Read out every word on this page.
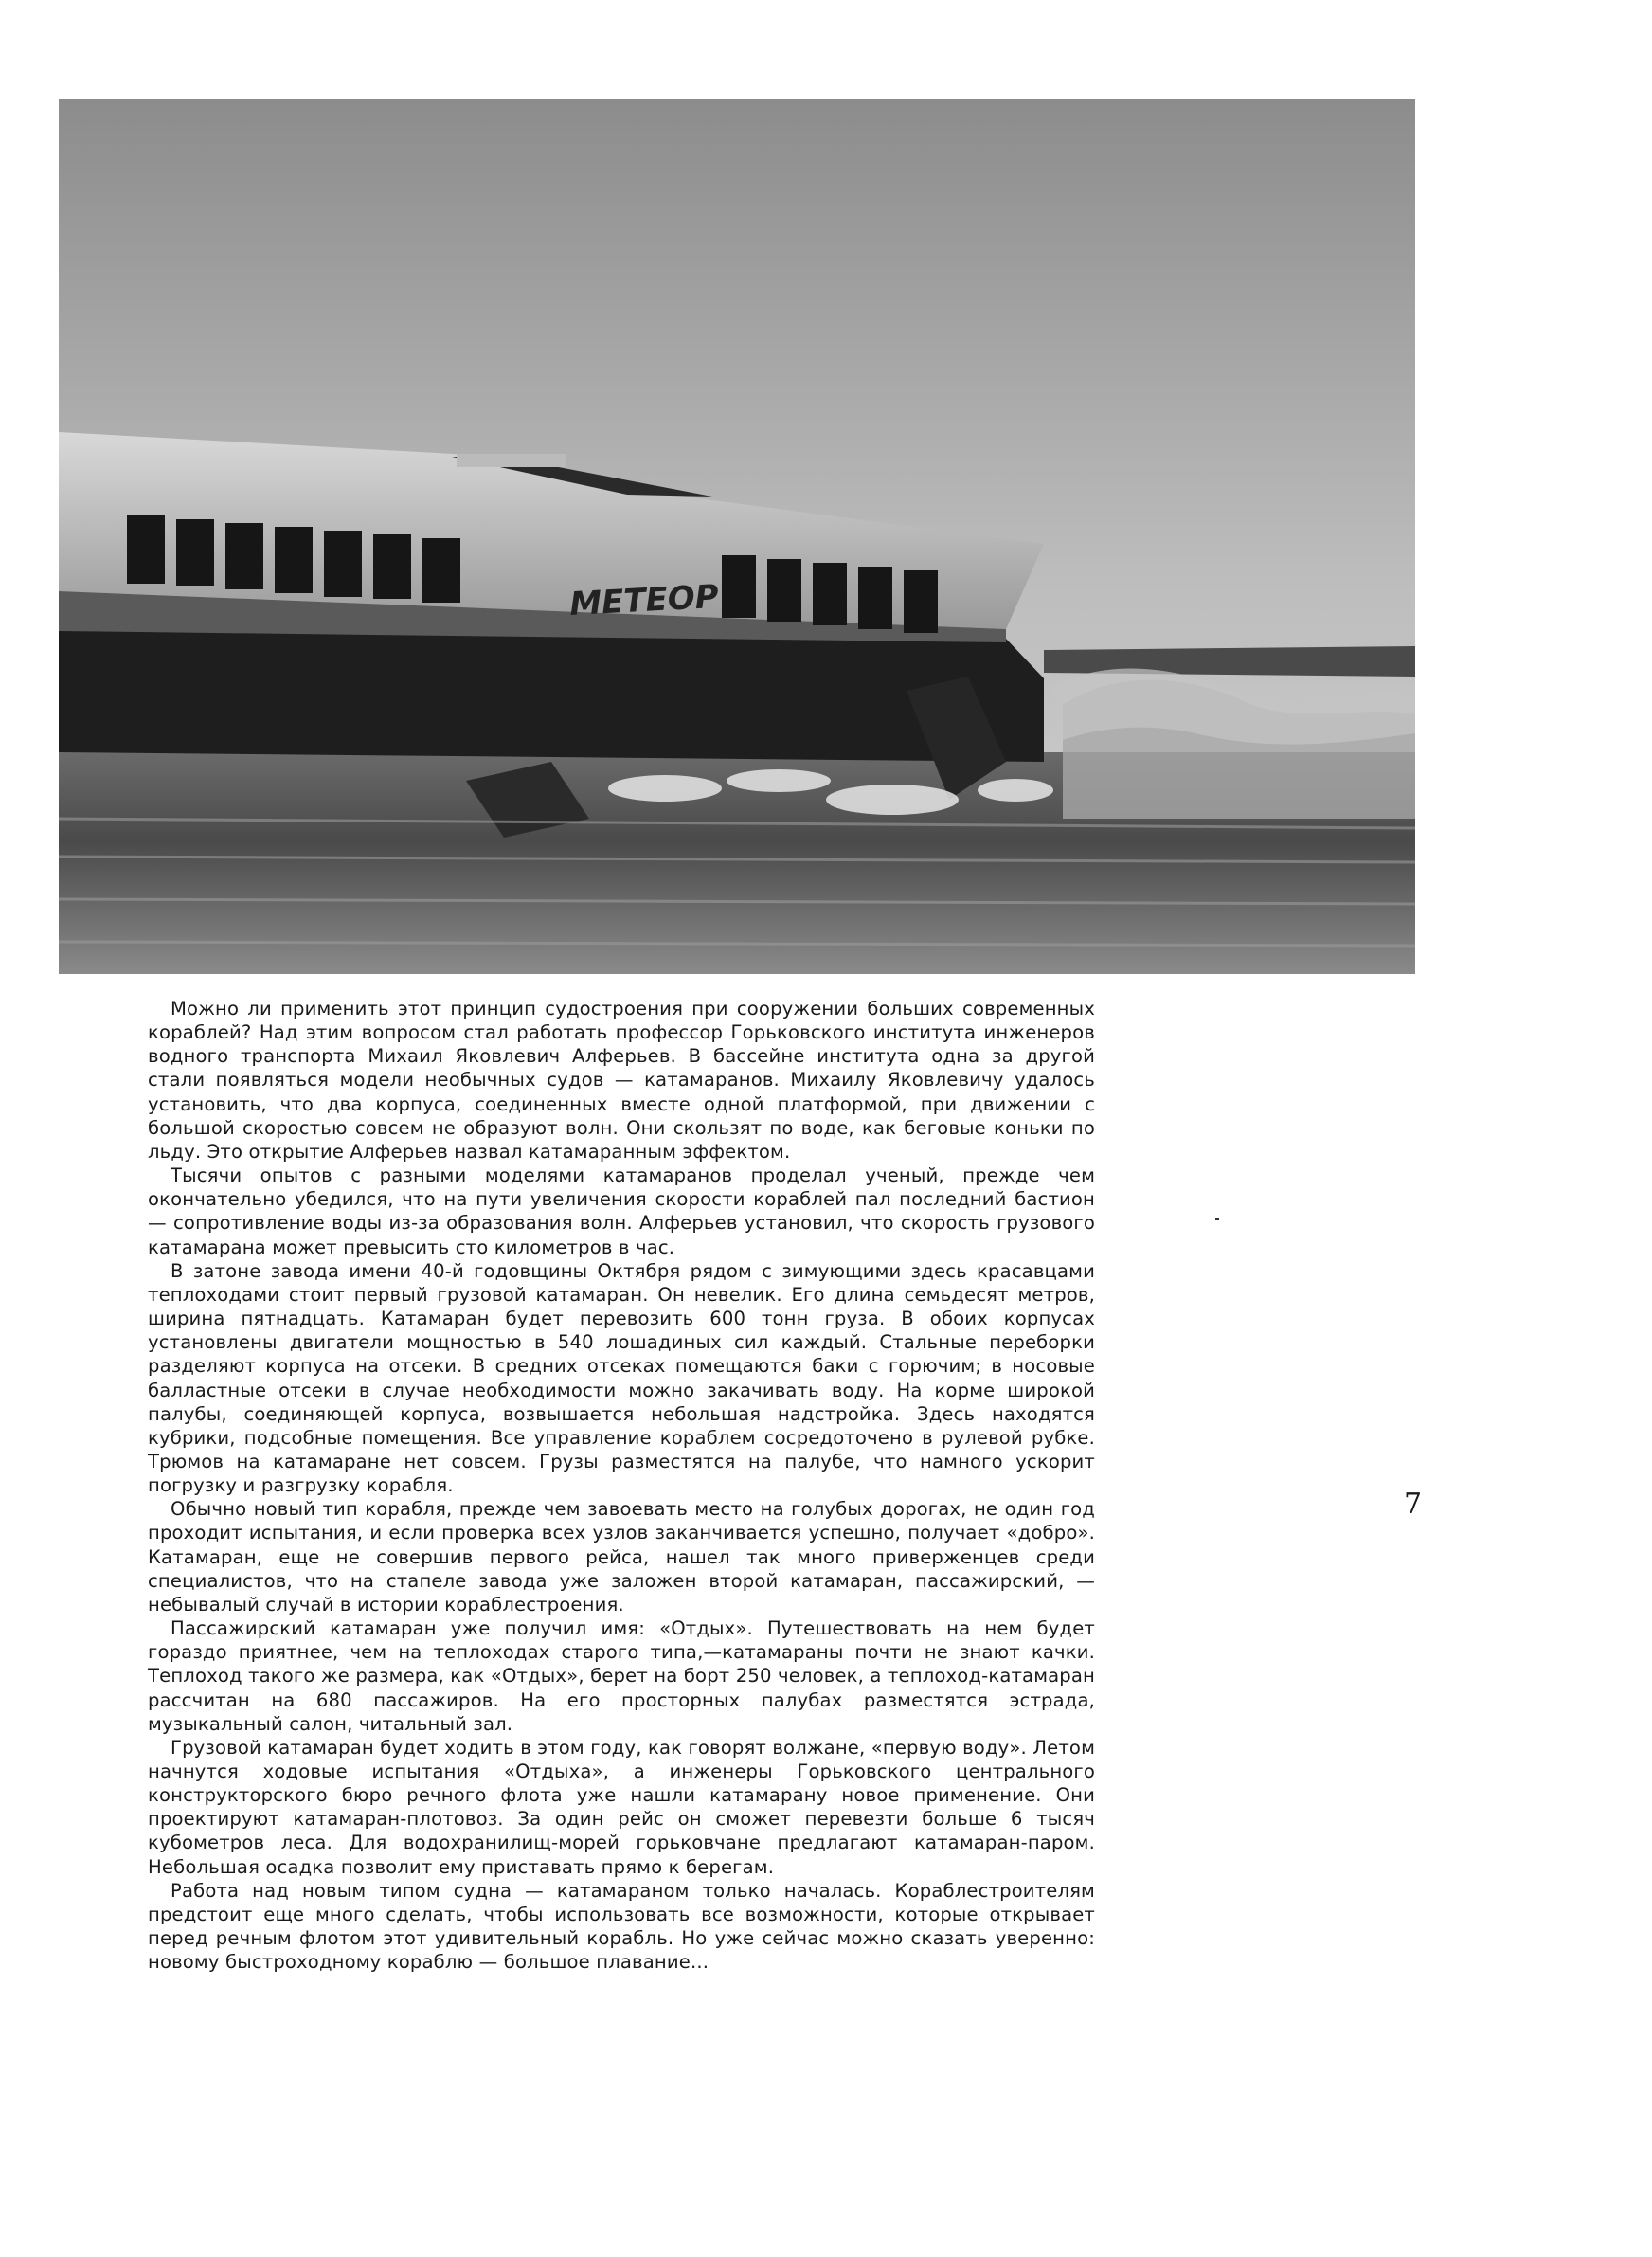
МЕТЕОР

Можно ли применить этот принцип судостроения при сооружении больших современных кораблей? Над этим вопросом стал работать профессор Горьковского института инженеров водного транспорта Михаил Яковлевич Алферьев. В бассейне института одна за другой стали появляться модели необычных судов — катамаранов. Михаилу Яковлевичу удалось установить, что два корпуса, соединенных вместе одной платформой, при движении с большой скоростью совсем не образуют волн. Они скользят по воде, как беговые коньки по льду. Это открытие Алферьев назвал катамаранным эффектом.

Тысячи опытов с разными моделями катамаранов проделал ученый, прежде чем окончательно убедился, что на пути увеличения скорости кораблей пал последний бастион — сопротивление воды из-за образования волн. Алферьев установил, что скорость грузового катамарана может превысить сто километров в час.

В затоне завода имени 40-й годовщины Октября рядом с зимующими здесь красавцами теплоходами стоит первый грузовой катамаран. Он невелик. Его длина семьдесят метров, ширина пятнадцать. Катамаран будет перевозить 600 тонн груза. В обоих корпусах установлены двигатели мощностью в 540 лошадиных сил каждый. Стальные переборки разделяют корпуса на отсеки. В средних отсеках помещаются баки с горючим; в носовые балластные отсеки в случае необходимости можно закачивать воду. На корме широкой палубы, соединяющей корпуса, возвышается небольшая надстройка. Здесь находятся кубрики, подсобные помещения. Все управление кораблем сосредоточено в рулевой рубке. Трюмов на катамаране нет совсем. Грузы разместятся на палубе, что намного ускорит погрузку и разгрузку корабля.

Обычно новый тип корабля, прежде чем завоевать место на голубых дорогах, не один год проходит испытания, и если проверка всех узлов заканчивается успешно, получает «добро». Катамаран, еще не совершив первого рейса, нашел так много приверженцев среди специалистов, что на стапеле завода уже заложен второй катамаран, пассажирский, — небывалый случай в истории кораблестроения.

Пассажирский катамаран уже получил имя: «Отдых». Путешествовать на нем будет гораздо приятнее, чем на теплоходах старого типа,—катамараны почти не знают качки. Теплоход такого же размера, как «Отдых», берет на борт 250 человек, а теплоход-катамаран рассчитан на 680 пассажиров. На его просторных палубах разместятся эстрада, музыкальный салон, читальный зал.

Грузовой катамаран будет ходить в этом году, как говорят волжане, «первую воду». Летом начнутся ходовые испытания «Отдыха», а инженеры Горьковского центрального конструкторского бюро речного флота уже нашли катамарану новое применение. Они проектируют катамаран-плотовоз. За один рейс он сможет перевезти больше 6 тысяч кубометров леса. Для водохранилищ-морей горьковчане предлагают катамаран-паром. Небольшая осадка позволит ему приставать прямо к берегам.

Работа над новым типом судна — катамараном только началась. Кораблестроителям предстоит еще много сделать, чтобы использовать все возможности, которые открывает перед речным флотом этот удивительный корабль. Но уже сейчас можно сказать уверенно: новому быстроходному кораблю — большое плавание...

7
